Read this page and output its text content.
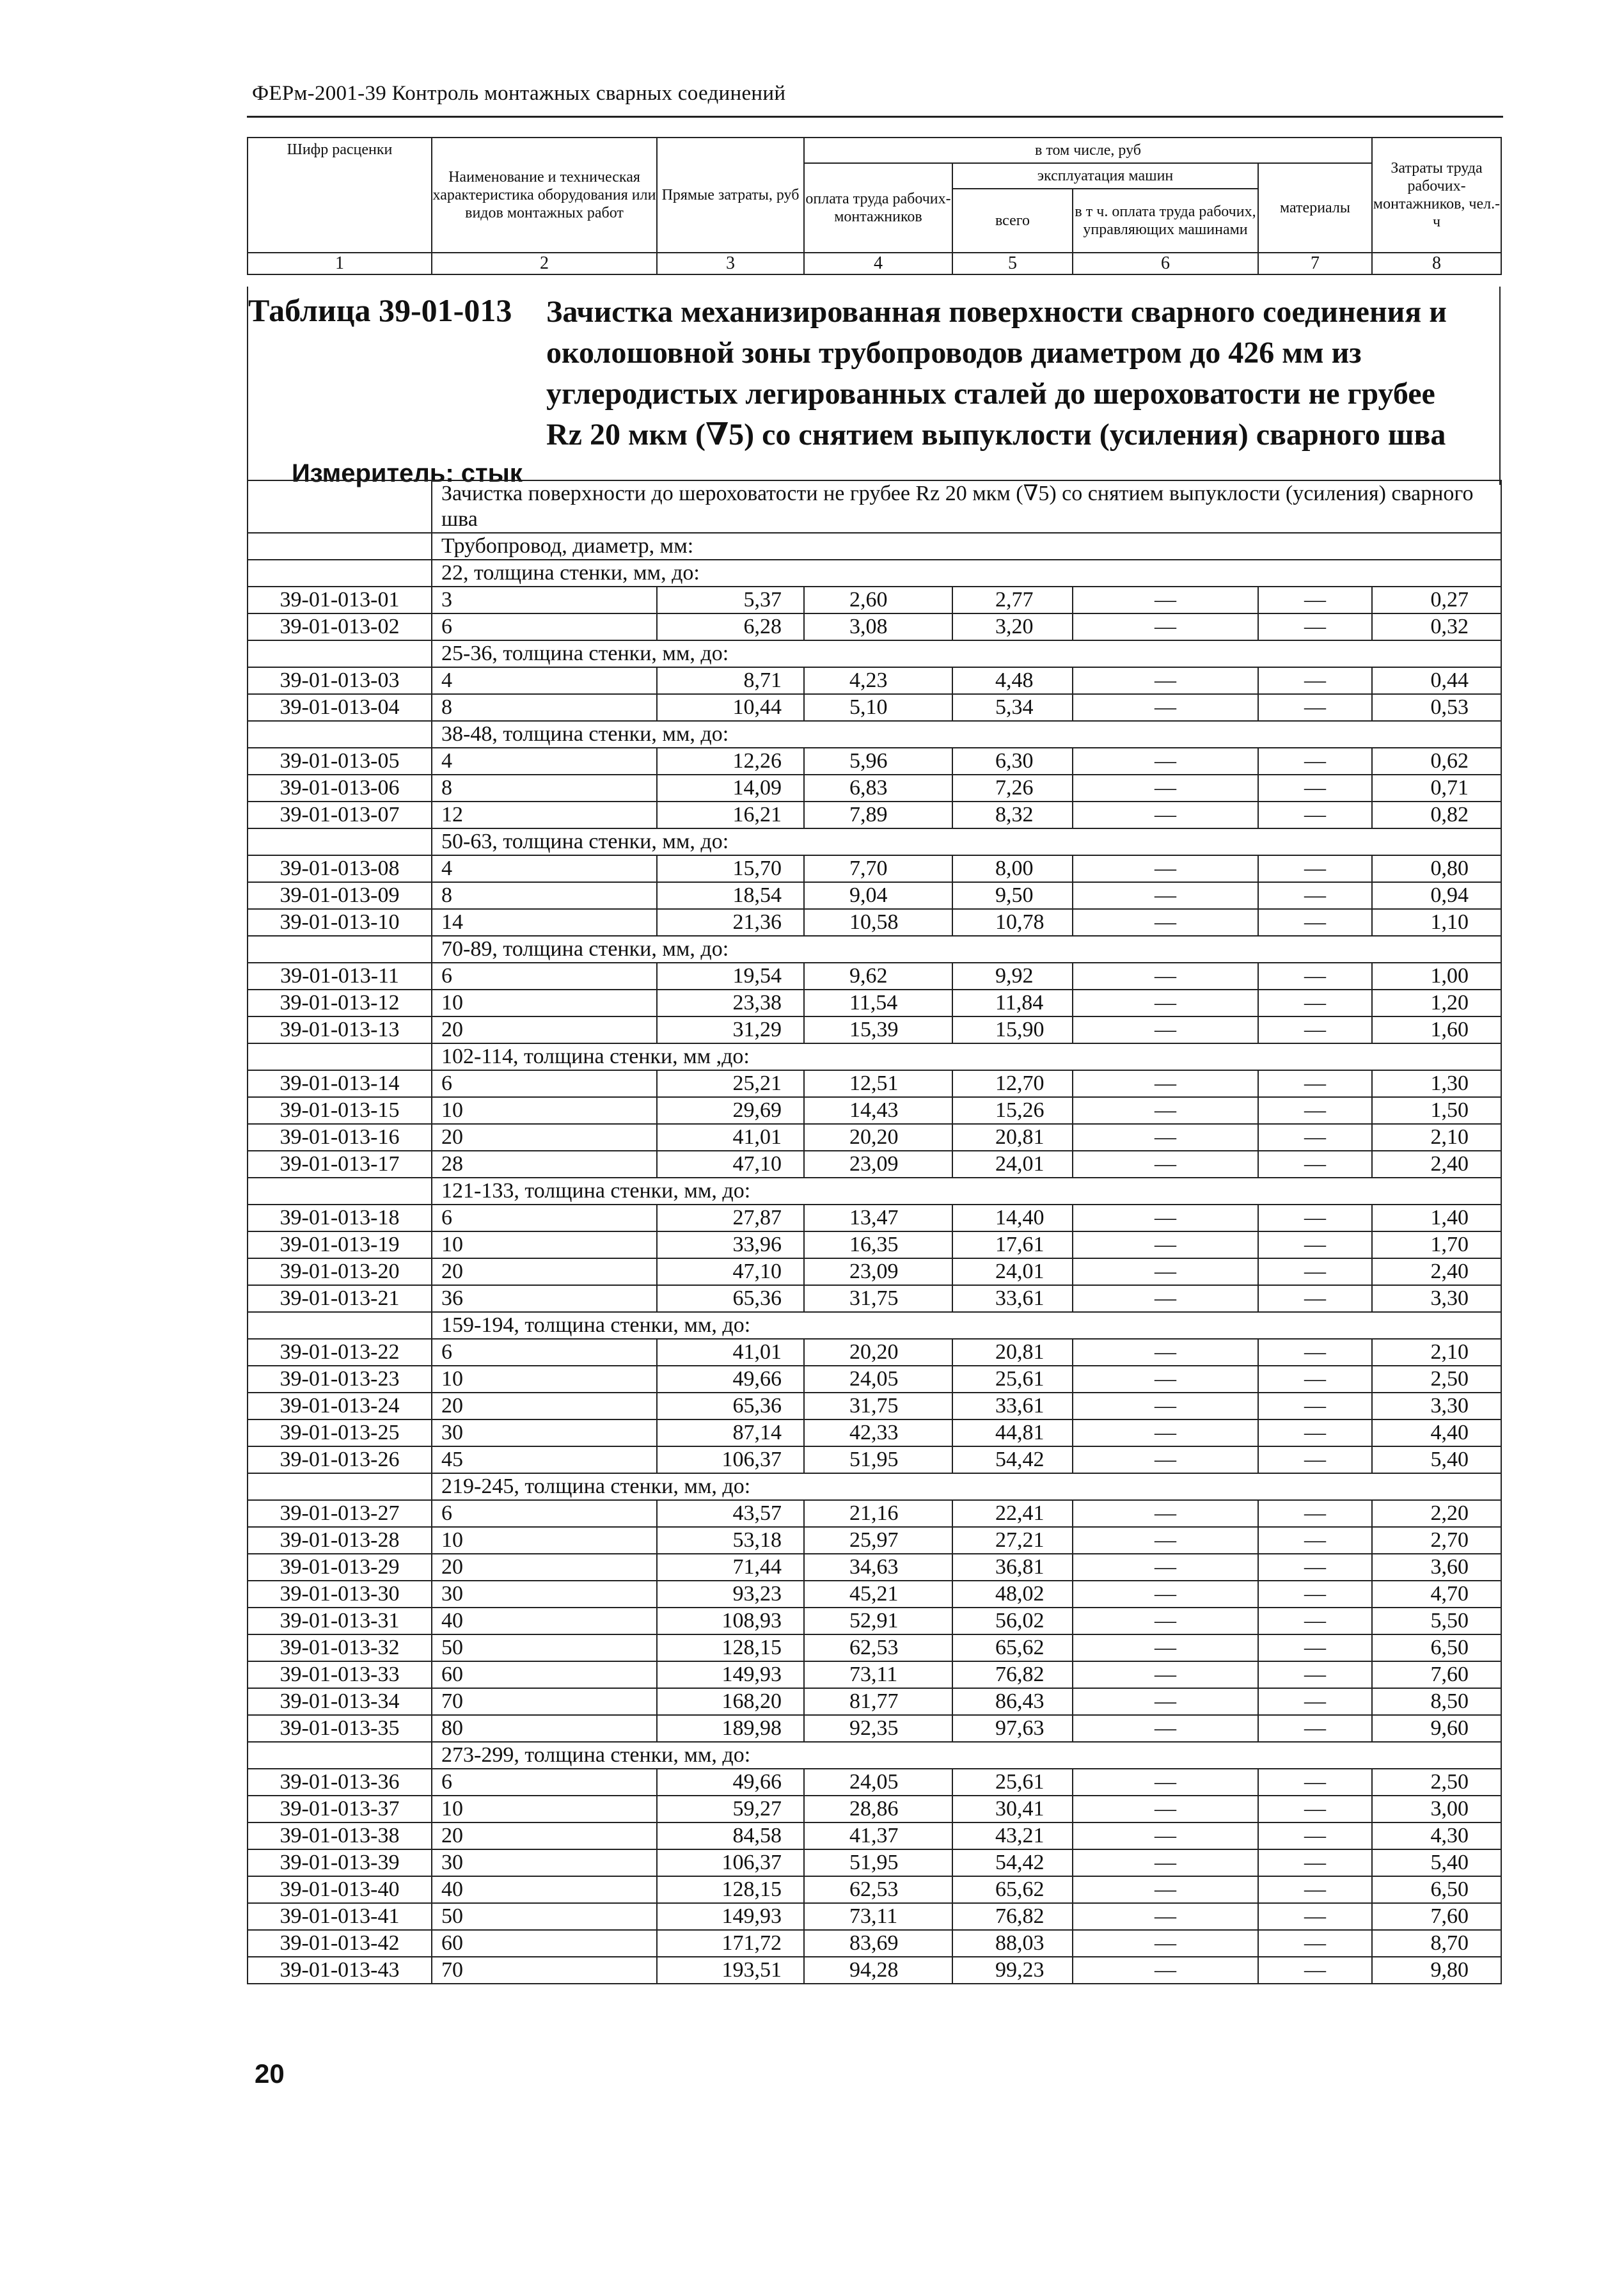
ФЕРм-2001-39 Контроль монтажных сварных соединений
Шифр расценки	Наименование и техническая характеристика оборудования или видов монтажных работ	Прямые затраты, руб	в том числе, руб				Затраты труда рабочих-монтажников, чел.-ч
			оплата труда рабочих-монтажников	эксплуатация машин		материалы	
				всего	в т ч. оплата труда рабочих, управляющих машинами		
1	2	3	4	5	6	7	8
Таблица 39-01-013 Зачистка механизированная поверхности сварного соединения и околошовной зоны трубопроводов диаметром до 426 мм из углеродистых легированных сталей до шероховатости не грубее Rz 20 мкм (∇5) со снятием выпуклости (усиления) сварного шва
Измеритель: стык
	Зачистка поверхности до шероховатости не грубее Rz 20 мкм (∇5) со снятием выпуклости (усиления) сварного шва						
	Трубопровод, диаметр, мм:						
	22, толщина стенки, мм, до:						
39-01-013-01	3	5,37	2,60	2,77	—	—	0,27
39-01-013-02	6	6,28	3,08	3,20	—	—	0,32
	25-36, толщина стенки, мм, до:						
39-01-013-03	4	8,71	4,23	4,48	—	—	0,44
39-01-013-04	8	10,44	5,10	5,34	—	—	0,53
	38-48, толщина стенки, мм, до:						
39-01-013-05	4	12,26	5,96	6,30	—	—	0,62
39-01-013-06	8	14,09	6,83	7,26	—	—	0,71
39-01-013-07	12	16,21	7,89	8,32	—	—	0,82
	50-63, толщина стенки, мм, до:						
39-01-013-08	4	15,70	7,70	8,00	—	—	0,80
39-01-013-09	8	18,54	9,04	9,50	—	—	0,94
39-01-013-10	14	21,36	10,58	10,78	—	—	1,10
	70-89, толщина стенки, мм, до:						
39-01-013-11	6	19,54	9,62	9,92	—	—	1,00
39-01-013-12	10	23,38	11,54	11,84	—	—	1,20
39-01-013-13	20	31,29	15,39	15,90	—	—	1,60
	102-114, толщина стенки, мм ,до:						
39-01-013-14	6	25,21	12,51	12,70	—	—	1,30
39-01-013-15	10	29,69	14,43	15,26	—	—	1,50
39-01-013-16	20	41,01	20,20	20,81	—	—	2,10
39-01-013-17	28	47,10	23,09	24,01	—	—	2,40
	121-133, толщина стенки, мм, до:						
39-01-013-18	6	27,87	13,47	14,40	—	—	1,40
39-01-013-19	10	33,96	16,35	17,61	—	—	1,70
39-01-013-20	20	47,10	23,09	24,01	—	—	2,40
39-01-013-21	36	65,36	31,75	33,61	—	—	3,30
	159-194, толщина стенки, мм, до:						
39-01-013-22	6	41,01	20,20	20,81	—	—	2,10
39-01-013-23	10	49,66	24,05	25,61	—	—	2,50
39-01-013-24	20	65,36	31,75	33,61	—	—	3,30
39-01-013-25	30	87,14	42,33	44,81	—	—	4,40
39-01-013-26	45	106,37	51,95	54,42	—	—	5,40
	219-245, толщина стенки, мм, до:						
39-01-013-27	6	43,57	21,16	22,41	—	—	2,20
39-01-013-28	10	53,18	25,97	27,21	—	—	2,70
39-01-013-29	20	71,44	34,63	36,81	—	—	3,60
39-01-013-30	30	93,23	45,21	48,02	—	—	4,70
39-01-013-31	40	108,93	52,91	56,02	—	—	5,50
39-01-013-32	50	128,15	62,53	65,62	—	—	6,50
39-01-013-33	60	149,93	73,11	76,82	—	—	7,60
39-01-013-34	70	168,20	81,77	86,43	—	—	8,50
39-01-013-35	80	189,98	92,35	97,63	—	—	9,60
	273-299, толщина стенки, мм, до:						
39-01-013-36	6	49,66	24,05	25,61	—	—	2,50
39-01-013-37	10	59,27	28,86	30,41	—	—	3,00
39-01-013-38	20	84,58	41,37	43,21	—	—	4,30
39-01-013-39	30	106,37	51,95	54,42	—	—	5,40
39-01-013-40	40	128,15	62,53	65,62	—	—	6,50
39-01-013-41	50	149,93	73,11	76,82	—	—	7,60
39-01-013-42	60	171,72	83,69	88,03	—	—	8,70
39-01-013-43	70	193,51	94,28	99,23	—	—	9,80
20
